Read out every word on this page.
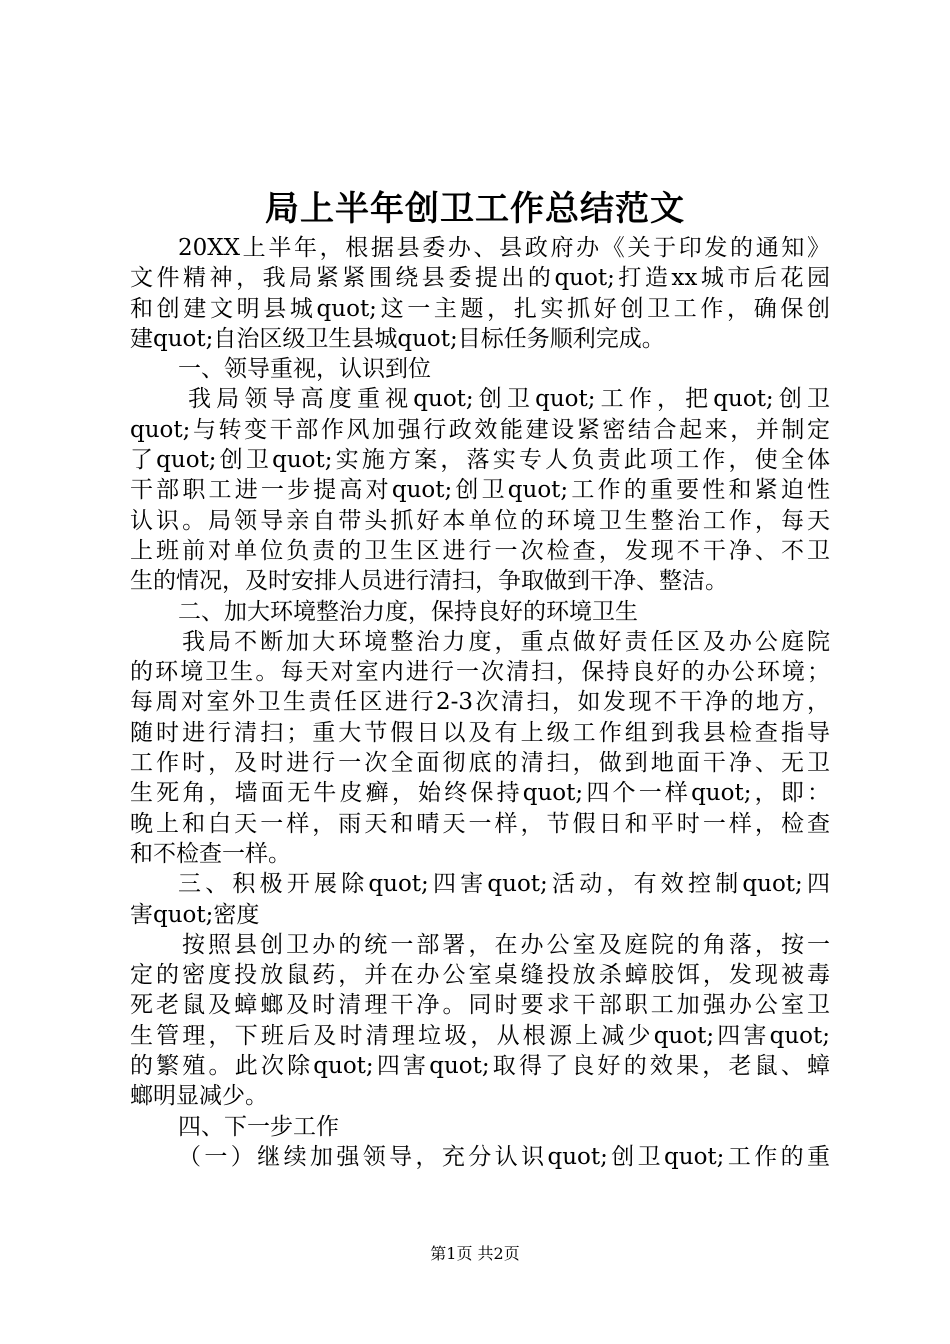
局上半年创卫工作总结范文
20XX上半年，根据县委办、县政府办《关于印发的通知》
文件精神，我局紧紧围绕县委提出的quot;打造xx城市后花园
和创建文明县城quot;这一主题，扎实抓好创卫工作，确保创
建quot;自治区级卫生县城quot;目标任务顺利完成。
一、领导重视，认识到位
我局领导高度重视quot;创卫quot;工作，把quot;创卫
quot;与转变干部作风加强行政效能建设紧密结合起来，并制定
了quot;创卫quot;实施方案，落实专人负责此项工作，使全体
干部职工进一步提高对quot;创卫quot;工作的重要性和紧迫性
认识。局领导亲自带头抓好本单位的环境卫生整治工作，每天
上班前对单位负责的卫生区进行一次检查，发现不干净、不卫
生的情况，及时安排人员进行清扫，争取做到干净、整洁。
二、加大环境整治力度，保持良好的环境卫生
我局不断加大环境整治力度，重点做好责任区及办公庭院
的环境卫生。每天对室内进行一次清扫，保持良好的办公环境；
每周对室外卫生责任区进行2-3次清扫，如发现不干净的地方，
随时进行清扫；重大节假日以及有上级工作组到我县检查指导
工作时，及时进行一次全面彻底的清扫，做到地面干净、无卫
生死角，墙面无牛皮癣，始终保持quot;四个一样quot;，即：
晚上和白天一样，雨天和晴天一样，节假日和平时一样，检查
和不检查一样。
三、积极开展除quot;四害quot;活动，有效控制quot;四
害quot;密度
按照县创卫办的统一部署，在办公室及庭院的角落，按一
定的密度投放鼠药，并在办公室桌缝投放杀蟑胶饵，发现被毒
死老鼠及蟑螂及时清理干净。同时要求干部职工加强办公室卫
生管理，下班后及时清理垃圾，从根源上减少quot;四害quot;
的繁殖。此次除quot;四害quot;取得了良好的效果，老鼠、蟑
螂明显减少。
四、下一步工作
（一）继续加强领导，充分认识quot;创卫quot;工作的重
第1页 共2页
